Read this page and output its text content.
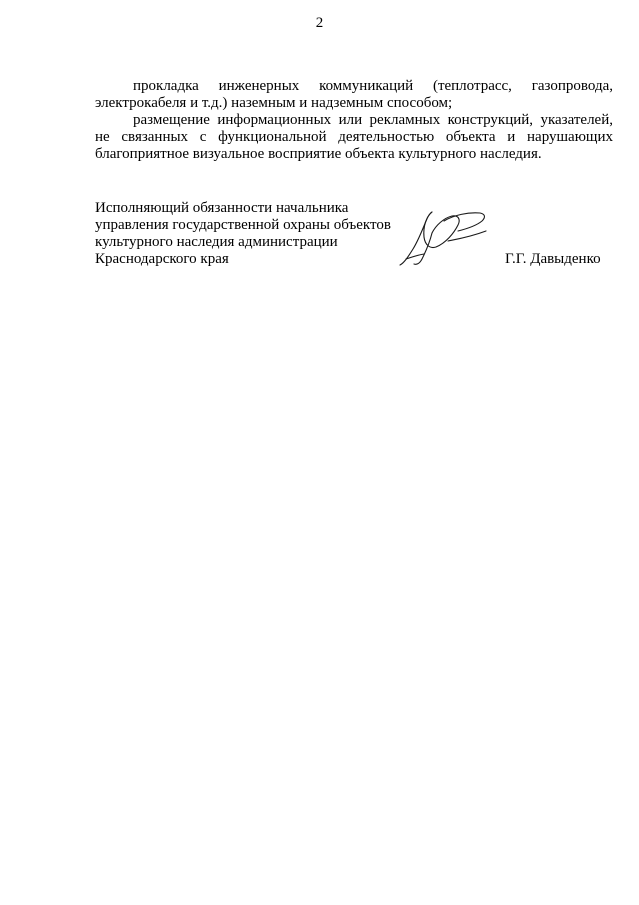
2

прокладка инженерных коммуникаций (теплотрасс, газопровода, электрокабеля и т.д.) наземным и надземным способом;

размещение информационных или рекламных конструкций, указателей, не связанных с функциональной деятельностью объекта и нарушающих благоприятное визуальное восприятие объекта культурного наследия.

Исполняющий обязанности начальника
управления государственной охраны объектов
культурного наследия администрации
Краснодарского края	Г.Г. Давыденко
